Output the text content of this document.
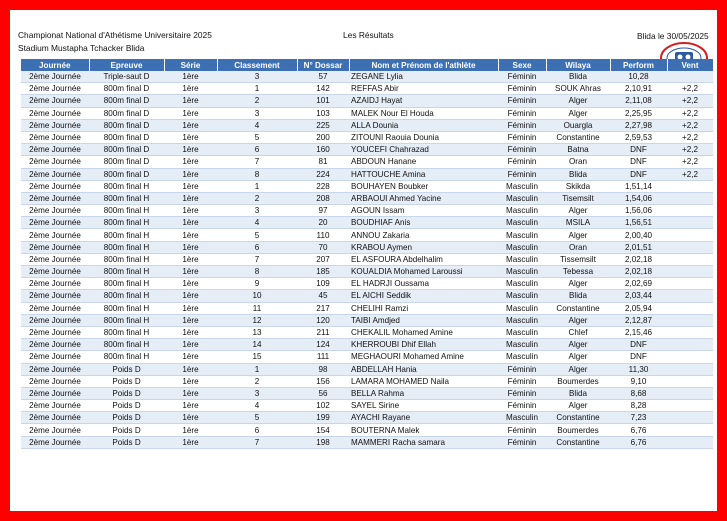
Championat National d'Athétisme Universitaire 2025
Stadium Mustapha Tchacker Blida
Les Résultats	Blida le 30/05/2025
Journée	Epreuve	Série	Classement	N° Dossar	Nom et Prénom de l'athlète	Sexe	Wilaya	Perform	Vent
2ème Journée	Triple-saut D	1ère	3	57	ZEGANE Lylia	Féminin	Blida	10,28	
2ème Journée	800m final D	1ère	1	142	REFFAS Abir	Féminin	SOUK Ahras	2,10,91	+2,2
2ème Journée	800m final D	1ère	2	101	AZAIDJ Hayat	Féminin	Alger	2,11,08	+2,2
2ème Journée	800m final D	1ère	3	103	MALEK Nour El Houda	Féminin	Alger	2,25,95	+2,2
2ème Journée	800m final D	1ère	4	225	ALLA Dounia	Féminin	Ouargla	2,27,98	+2,2
2ème Journée	800m final D	1ère	5	200	ZITOUNI Raouia Dounia	Féminin	Constantine	2,59,53	+2,2
2ème Journée	800m final D	1ère	6	160	YOUCEFI Chahrazad	Féminin	Batna	DNF	+2,2
2ème Journée	800m final D	1ère	7	81	ABDOUN Hanane	Féminin	Oran	DNF	+2,2
2ème Journée	800m final D	1ère	8	224	HATTOUCHE Amina	Féminin	Blida	DNF	+2,2
2ème Journée	800m final H	1ère	1	228	BOUHAYEN Boubker	Masculin	Skikda	1,51,14	
2ème Journée	800m final H	1ère	2	208	ARBAOUI Ahmed Yacine	Masculin	Tisemsilt	1,54,06	
2ème Journée	800m final H	1ère	3	97	AGOUN Issam	Masculin	Alger	1,56,06	
2ème Journée	800m final H	1ère	4	20	BOUDHIAF Anis	Masculin	MSILA	1,56,51	
2ème Journée	800m final H	1ère	5	110	ANNOU Zakaria	Masculin	Alger	2,00,40	
2ème Journée	800m final H	1ère	6	70	KRABOU Aymen	Masculin	Oran	2,01,51	
2ème Journée	800m final H	1ère	7	207	EL ASFOURA Abdelhalim	Masculin	Tissemsilt	2,02,18	
2ème Journée	800m final H	1ère	8	185	KOUALDIA Mohamed Laroussi	Masculin	Tebessa	2,02,18	
2ème Journée	800m final H	1ère	9	109	EL HADRJI Oussama	Masculin	Alger	2,02,69	
2ème Journée	800m final H	1ère	10	45	EL AICHI Seddik	Masculin	Blida	2,03,44	
2ème Journée	800m final H	1ère	11	217	CHELIHI Ramzi	Masculin	Constantine	2,05,94	
2ème Journée	800m final H	1ère	12	120	TAIBI Amdjed	Masculin	Alger	2,12,87	
2ème Journée	800m final H	1ère	13	211	CHEKALIL Mohamed Amine	Masculin	Chlef	2,15,46	
2ème Journée	800m final H	1ère	14	124	KHERROUBI Dhif Ellah	Masculin	Alger	DNF	
2ème Journée	800m final H	1ère	15	111	MEGHAOURI Mohamed Amine	Masculin	Alger	DNF	
2ème Journée	Poids D	1ère	1	98	ABDELLAH Hania	Féminin	Alger	11,30	
2ème Journée	Poids D	1ère	2	156	LAMARA MOHAMED Naila	Féminin	Boumerdes	9,10	
2ème Journée	Poids D	1ère	3	56	BELLA Rahma	Féminin	Blida	8,68	
2ème Journée	Poids D	1ère	4	102	SAYEL Sirine	Féminin	Alger	8,28	
2ème Journée	Poids D	1ère	5	199	AYACHI Rayane	Masculin	Constantine	7,23	
2ème Journée	Poids D	1ère	6	154	BOUTERNA Malek	Féminin	Boumerdes	6,76	
2ème Journée	Poids D	1ère	7	198	MAMMERI Racha samara	Féminin	Constantine	6,76	
